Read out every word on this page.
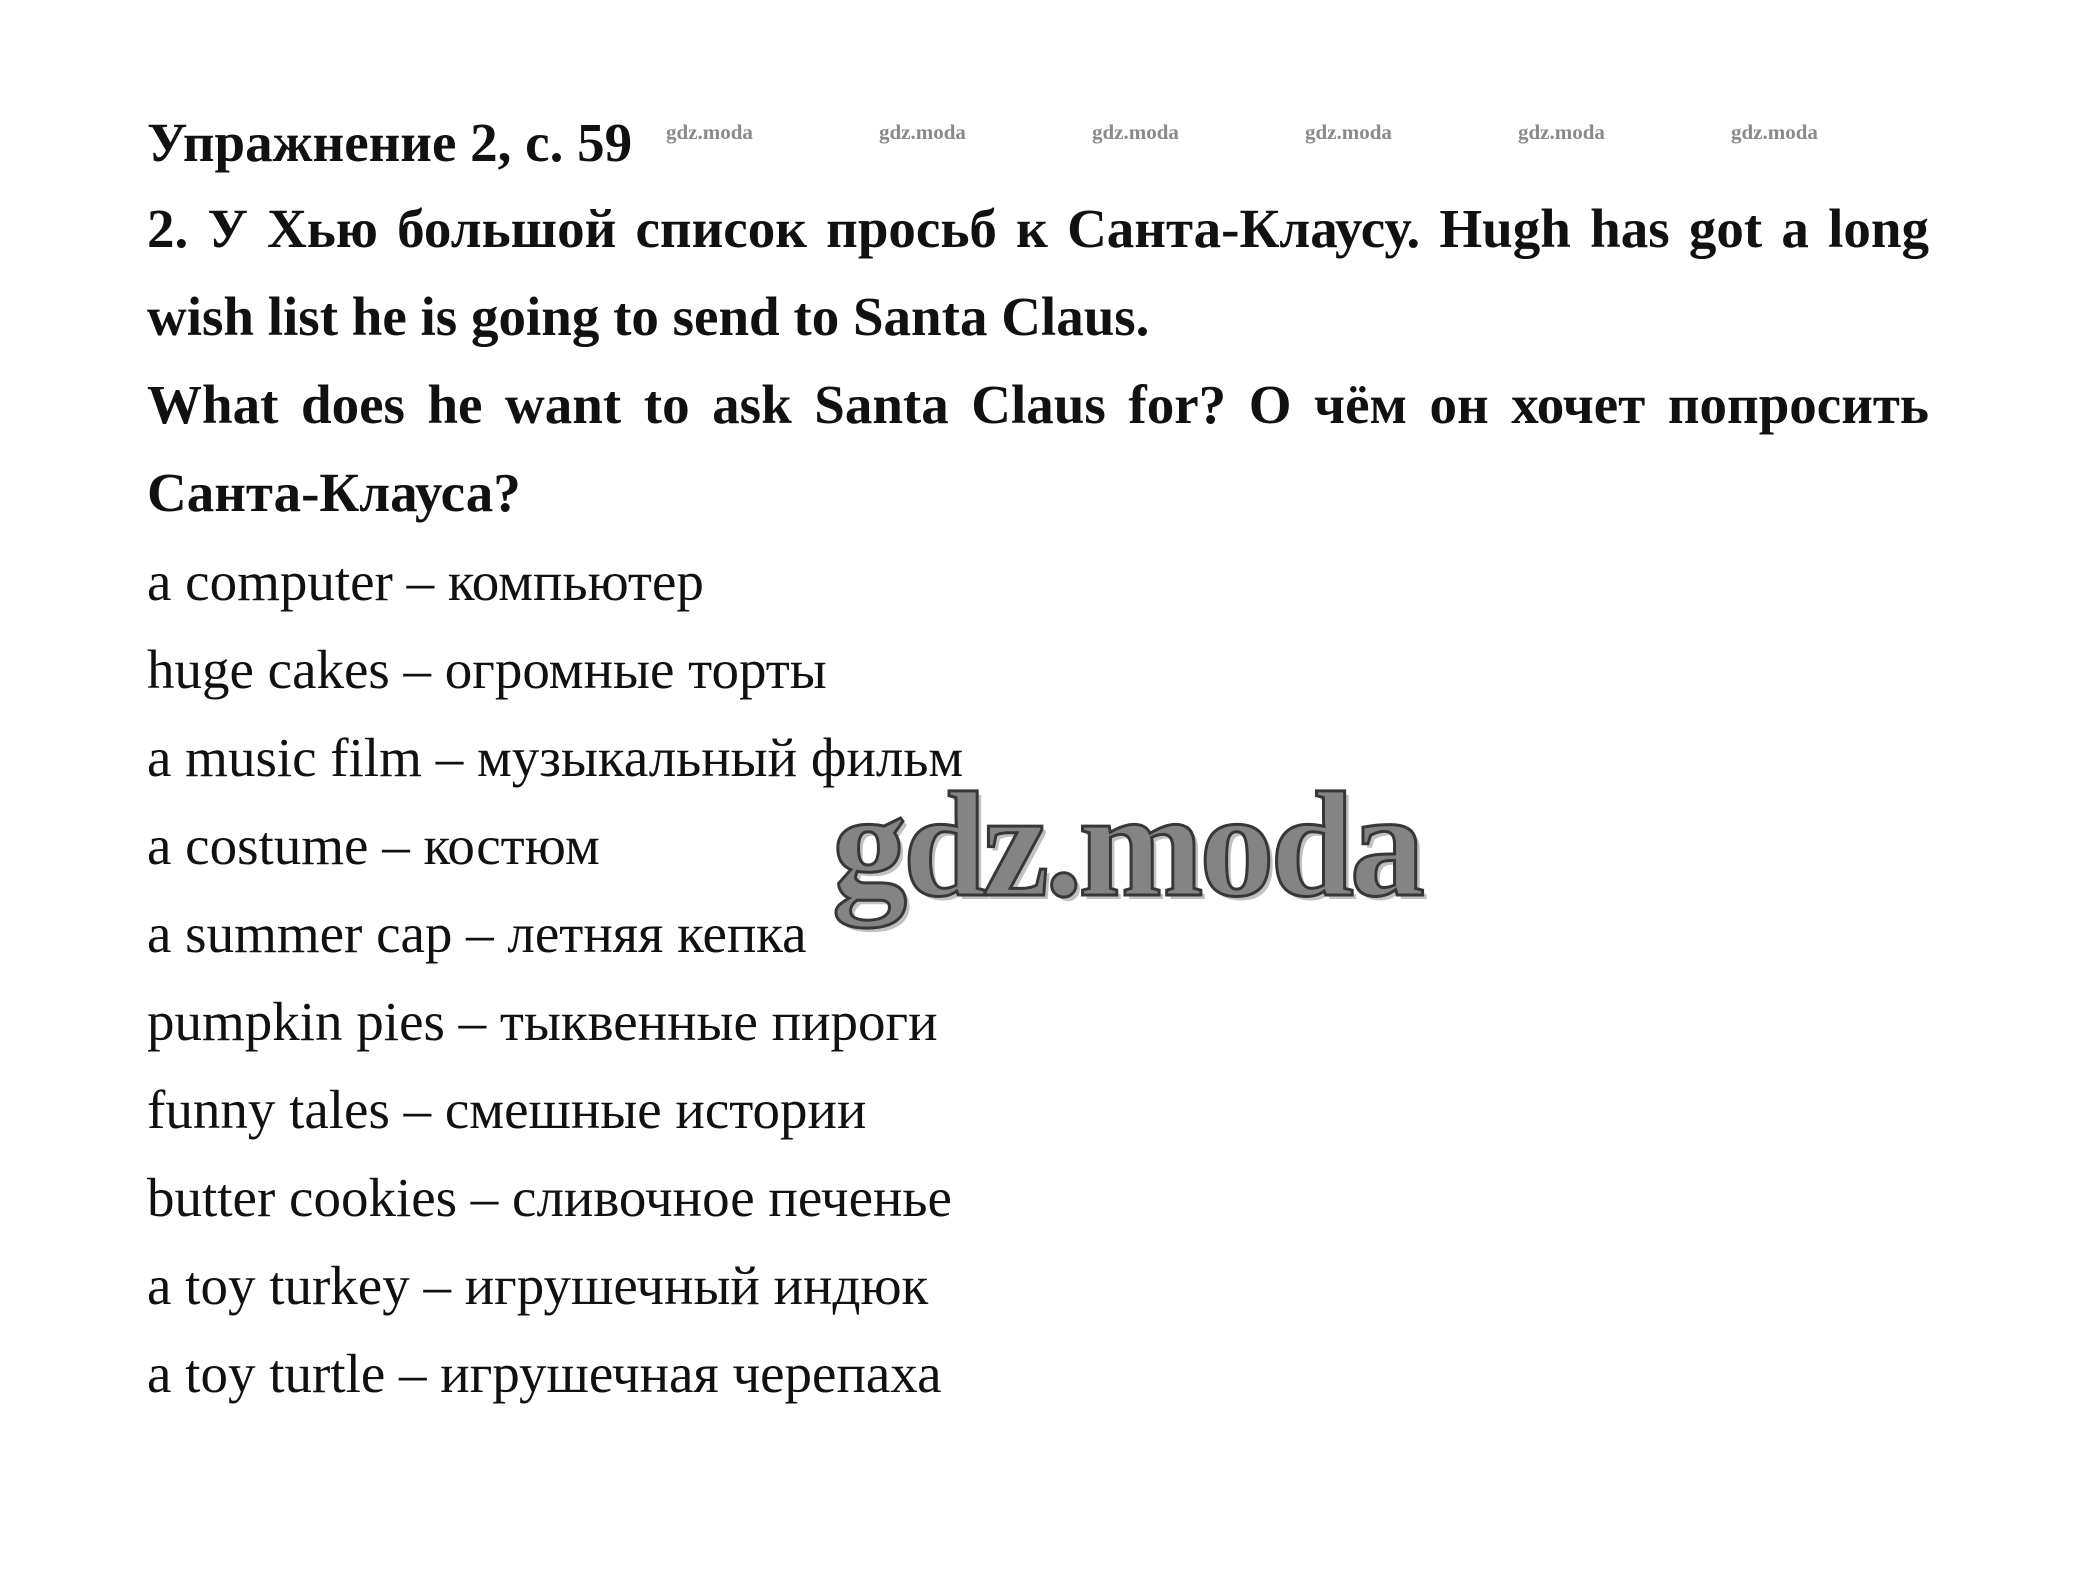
Упражнение 2, с. 59 gdz.moda	gdz.moda	gdz.moda	gdz.moda	gdz.moda	gdz.moda
2. У Хью большой список просьб к Санта-Клаусу. Hugh has got a long wish list he is going to send to Santa Claus.
What does he want to ask Santa Claus for? О чём он хочет попросить Санта-Клауса?
a computer – компьютер
huge cakes – огромные торты
a music film – музыкальный фильм
a costume – костюм
a summer cap – летняя кепка
pumpkin pies – тыквенные пироги
funny tales – смешные истории
butter cookies – сливочное печенье
a toy turkey – игрушечный индюк
a toy turtle – игрушечная черепаха
gdz.moda
